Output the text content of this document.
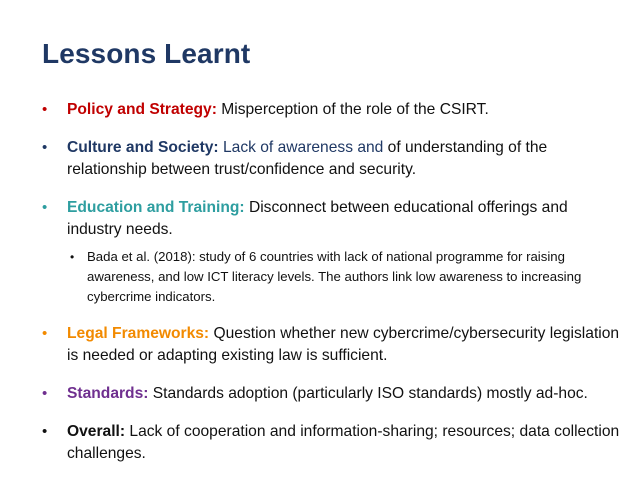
Lessons Learnt
• Policy and Strategy: Misperception of the role of the CSIRT.
• Culture and Society: Lack of awareness and of understanding of the relationship between trust/confidence and security.
• Education and Training: Disconnect between educational offerings and industry needs.
• Bada et al. (2018): study of 6 countries with lack of national programme for raising awareness, and low ICT literacy levels. The authors link low awareness to increasing cybercrime indicators.
• Legal Frameworks: Question whether new cybercrime/cybersecurity legislation is needed or adapting existing law is sufficient.
• Standards: Standards adoption (particularly ISO standards) mostly ad-hoc.
• Overall: Lack of cooperation and information-sharing; resources; data collection challenges.
